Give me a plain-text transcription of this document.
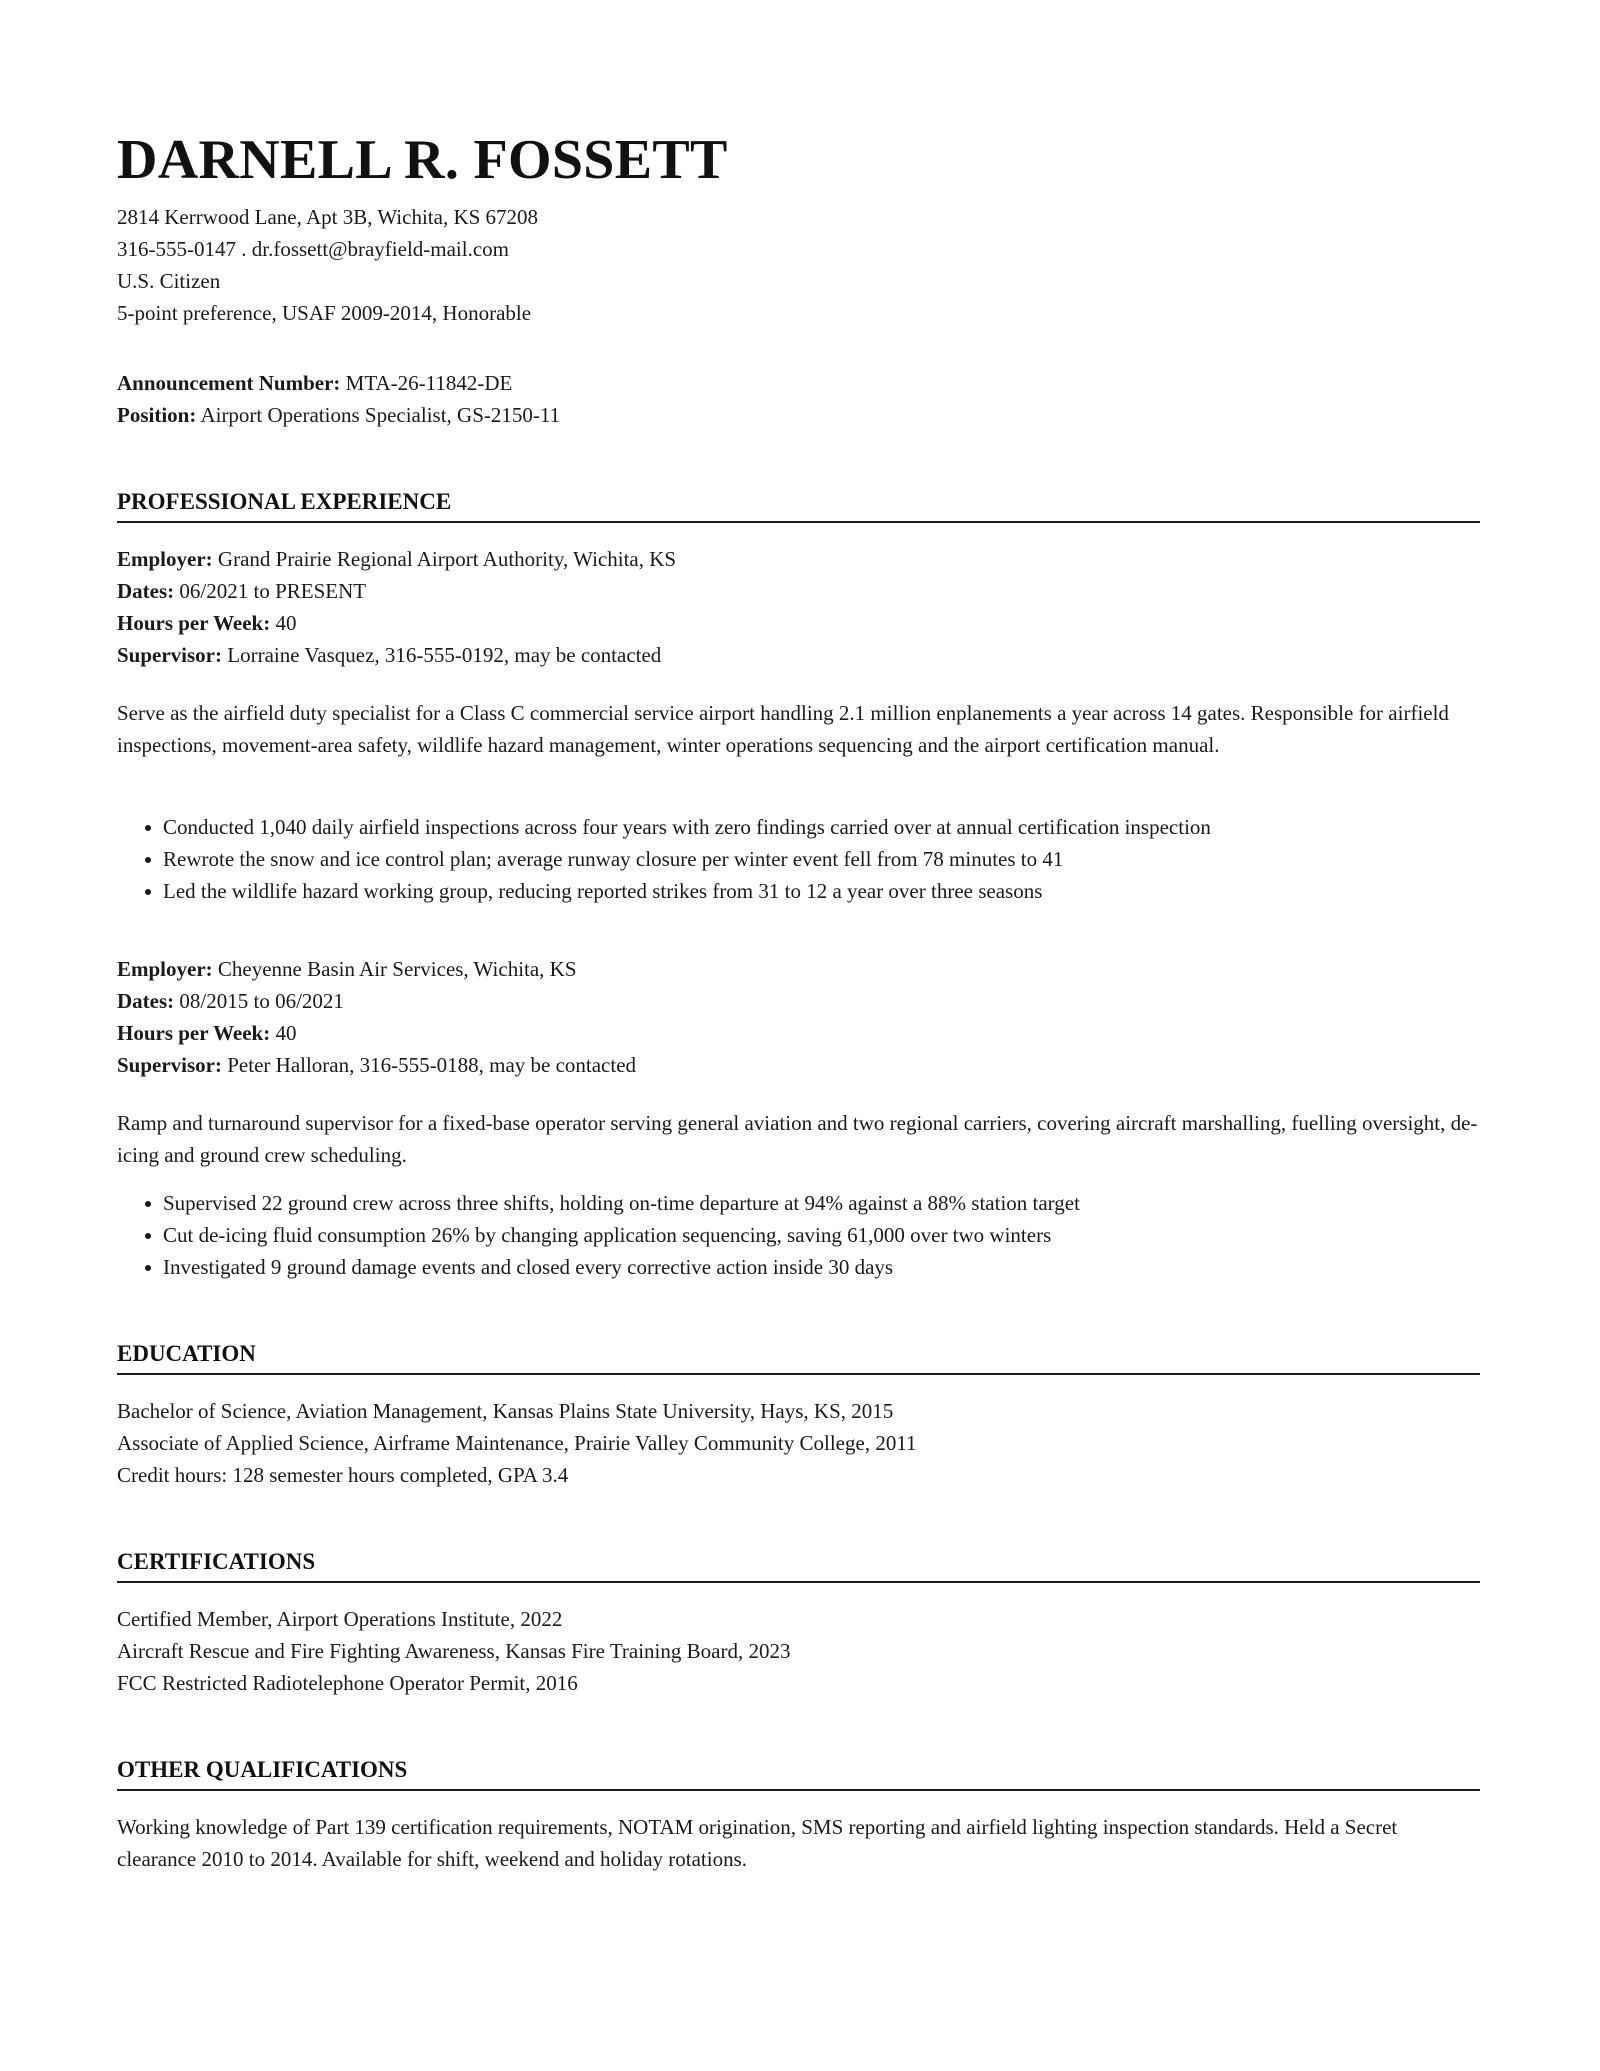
DARNELL R. FOSSETT

2814 Kerrwood Lane, Apt 3B, Wichita, KS 67208

316-555-0147 . dr.fossett@brayfield-mail.com

U.S. Citizen

5-point preference, USAF 2009-2014, Honorable

Announcement Number: MTA-26-11842-DE

Position: Airport Operations Specialist, GS-2150-11

PROFESSIONAL EXPERIENCE

Employer: Grand Prairie Regional Airport Authority, Wichita, KS

Dates: 06/2021 to PRESENT

Hours per Week: 40

Supervisor: Lorraine Vasquez, 316-555-0192, may be contacted

Serve as the airfield duty specialist for a Class C commercial service airport handling 2.1 million enplanements a year across 14 gates. Responsible for airfield inspections, movement-area safety, wildlife hazard management, winter operations sequencing and the airport certification manual.

Conducted 1,040 daily airfield inspections across four years with zero findings carried over at annual certification inspection
Rewrote the snow and ice control plan; average runway closure per winter event fell from 78 minutes to 41
Led the wildlife hazard working group, reducing reported strikes from 31 to 12 a year over three seasons

Employer: Cheyenne Basin Air Services, Wichita, KS

Dates: 08/2015 to 06/2021

Hours per Week: 40

Supervisor: Peter Halloran, 316-555-0188, may be contacted

Ramp and turnaround supervisor for a fixed-base operator serving general aviation and two regional carriers, covering aircraft marshalling, fuelling oversight, de-icing and ground crew scheduling.

Supervised 22 ground crew across three shifts, holding on-time departure at 94% against a 88% station target
Cut de-icing fluid consumption 26% by changing application sequencing, saving 61,000 over two winters
Investigated 9 ground damage events and closed every corrective action inside 30 days
EDUCATION

Bachelor of Science, Aviation Management, Kansas Plains State University, Hays, KS, 2015

Associate of Applied Science, Airframe Maintenance, Prairie Valley Community College, 2011

Credit hours: 128 semester hours completed, GPA 3.4

CERTIFICATIONS

Certified Member, Airport Operations Institute, 2022

Aircraft Rescue and Fire Fighting Awareness, Kansas Fire Training Board, 2023

FCC Restricted Radiotelephone Operator Permit, 2016

OTHER QUALIFICATIONS

Working knowledge of Part 139 certification requirements, NOTAM origination, SMS reporting and airfield lighting inspection standards. Held a Secret clearance 2010 to 2014. Available for shift, weekend and holiday rotations.
